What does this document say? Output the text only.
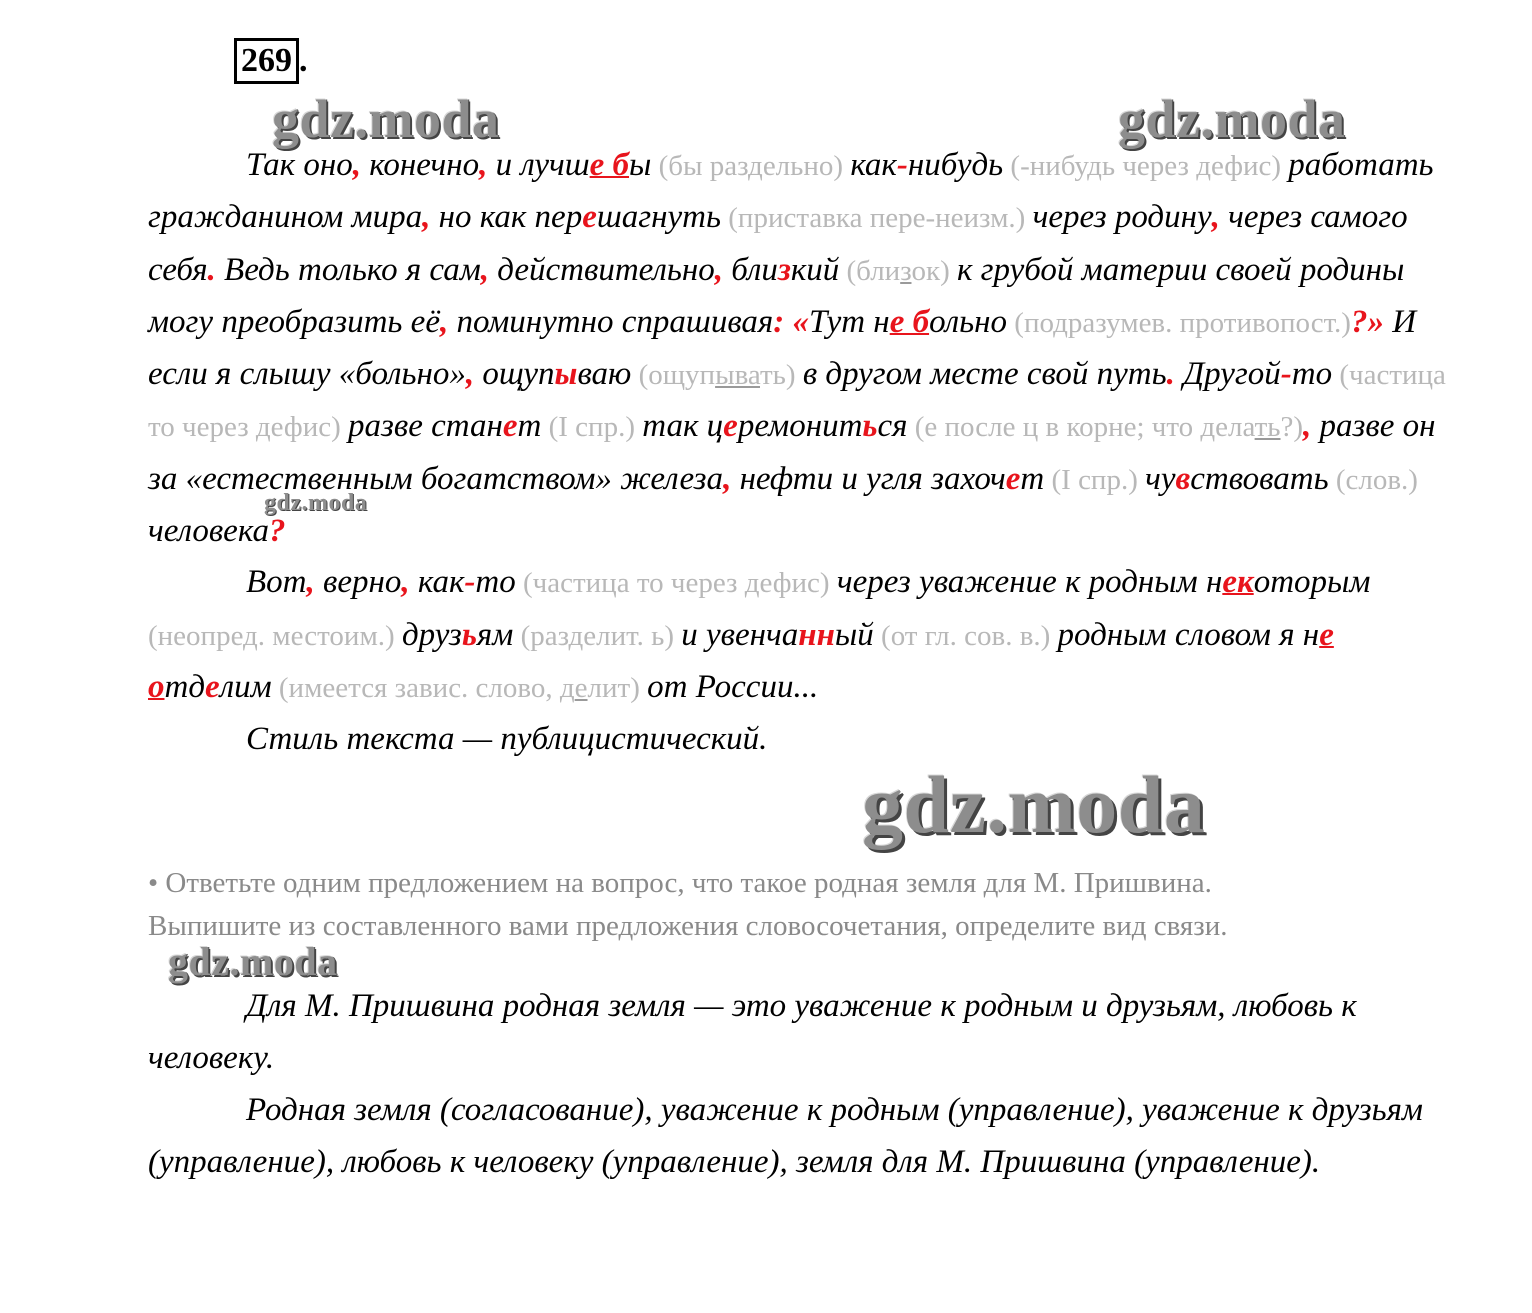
269 .
gdz.moda	gdz.moda

Так оно, конечно, и лучше бы (бы раздельно) как-нибудь (-нибудь через дефис) работать гражданином мира, но как перешагнуть (приставка пере-неизм.) через родину, через самого себя. Ведь только я сам, действительно, близкий (близок) к грубой материи своей родины могу преобразить её, поминутно спрашивая: «Тут не больно (подразумев. противопост.)?» И если я слышу «больно», ощупываю (ощупывать) в другом месте свой путь. Другой-то (частица то через дефис) разве станет (I спр.) так церемониться (е после ц в корне; что делать?), разве он за «естественным богатством» железа, нефти и угля захочет (I спр.) чувствовать (слов.) человека?

Вот, верно, как-то (частица то через дефис) через уважение к родным некоторым (неопред. местоим.) друзьям (разделит. ь) и увенчанный (от гл. сов. в.) родным словом я не отделим (имеется завис. слово, делит) от России...

Стиль текста — публицистический.

gdz.moda
gdz.moda

• Ответьте одним предложением на вопрос, что такое родная земля для М. Пришвина.

Выпишите из составленного вами предложения словосочетания, определите вид связи.

gdz.moda

Для М. Пришвина родная земля — это уважение к родным и друзьям, любовь к человеку.

Родная земля (согласование), уважение к родным (управление), уважение к друзьям (управление), любовь к человеку (управление), земля для М. Пришвина (управление).
